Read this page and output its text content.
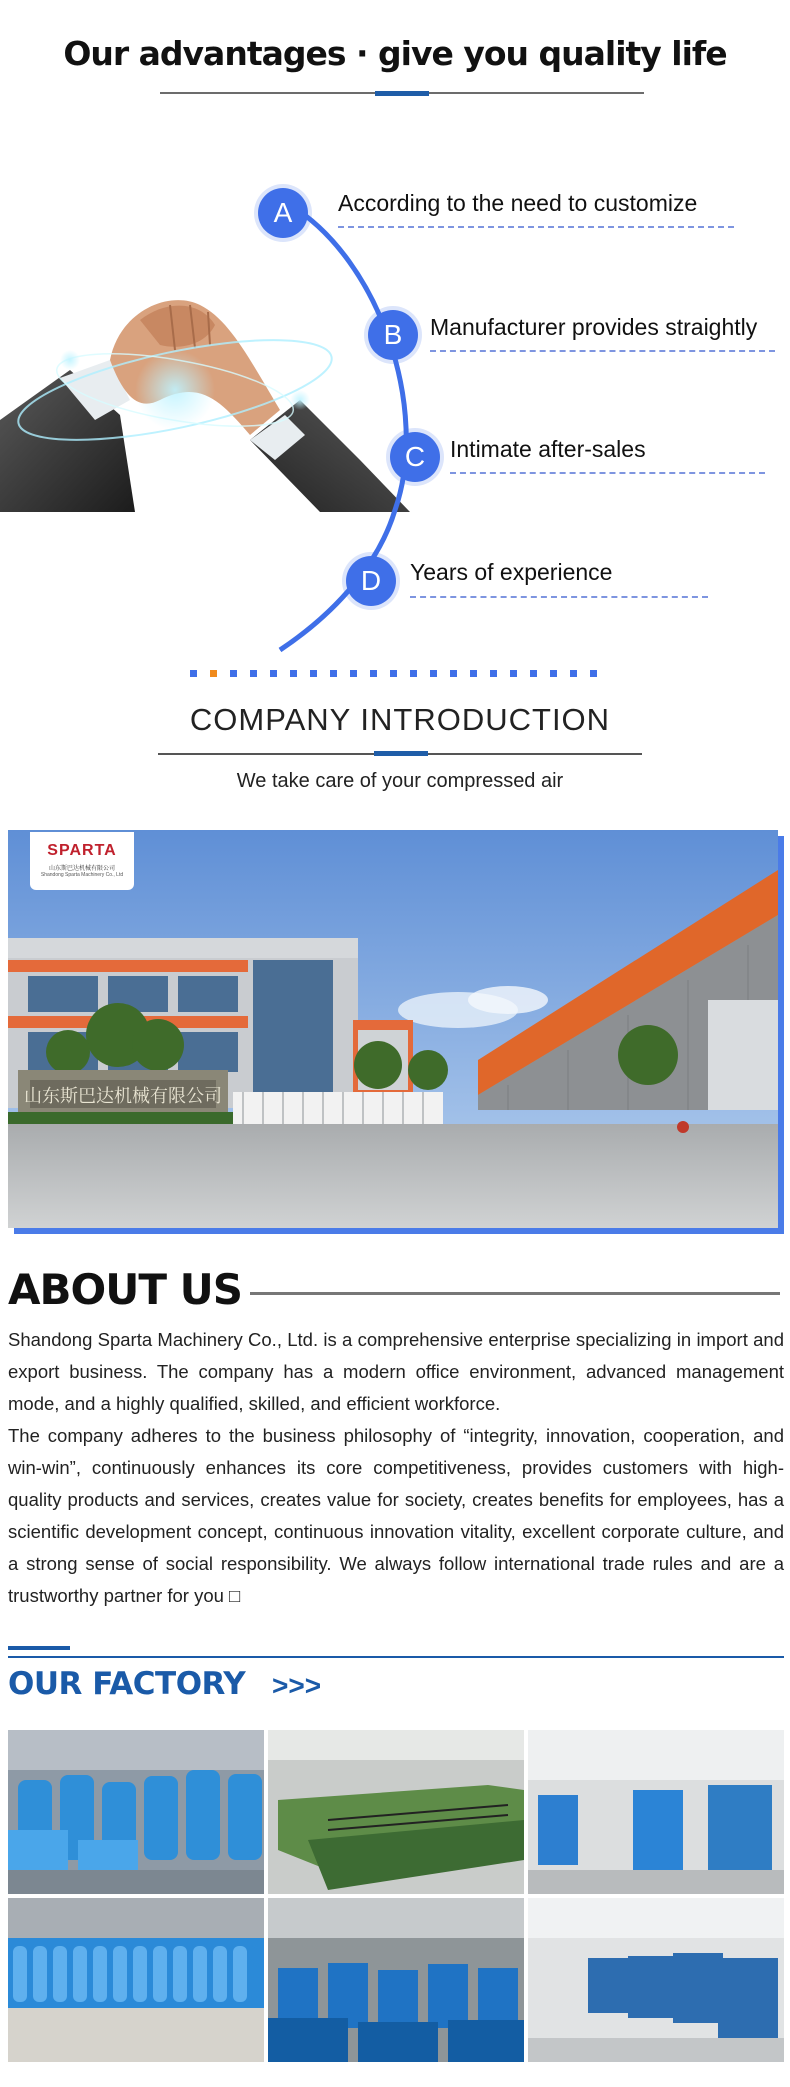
Our advantages · give you quality life
A	According to the need to customize
B	Manufacturer provides straightly
C	Intimate after-sales
D	Years of experience
COMPANY INTRODUCTION
We take care of your compressed air
山东斯巴达机械有限公司
SPARTA
山东斯巴达机械有限公司
Shandong Sparta Machinery Co., Ltd
ABOUT US
Shandong Sparta Machinery Co., Ltd. is a comprehensive enterprise specializing in import and export business. The company has a modern office environment, advanced management mode, and a highly qualified, skilled, and efficient workforce.
The company adheres to the business philosophy of “integrity, innovation, cooperation, and win-win”, continuously enhances its core competitiveness, provides customers with high-quality products and services, creates value for society, creates benefits for employees, has a scientific development concept, continuous innovation vitality, excellent corporate culture, and a strong sense of social responsibility. We always follow international trade rules and are a trustworthy partner for you □
OUR FACTORY >>>
